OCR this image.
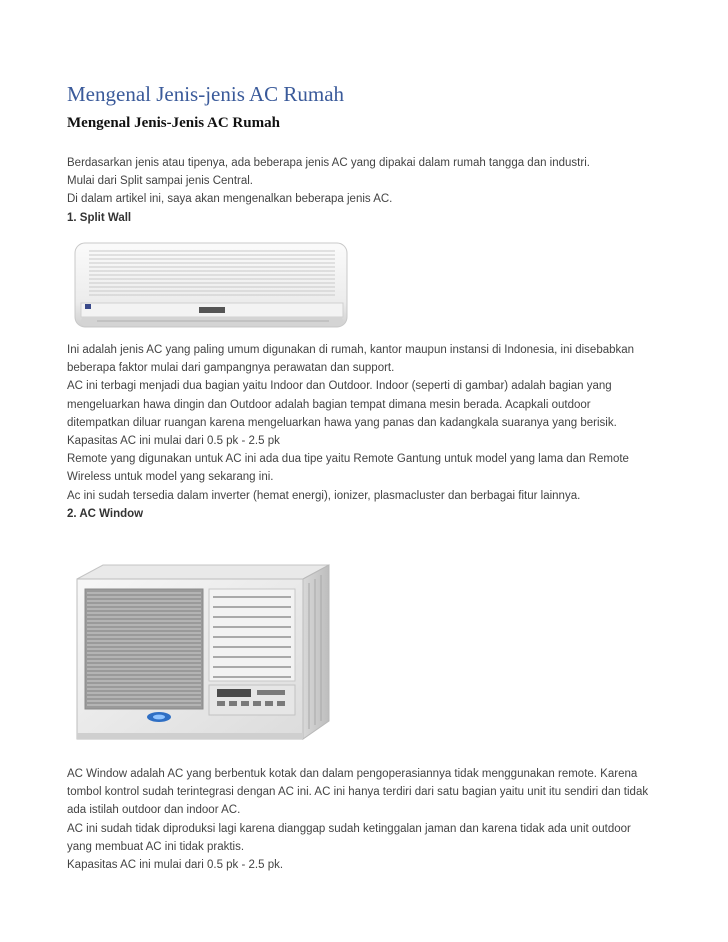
Mengenal Jenis-jenis AC Rumah
Mengenal Jenis-Jenis AC Rumah

Berdasarkan jenis atau tipenya, ada beberapa jenis AC yang dipakai dalam rumah tangga dan industri.

Mulai dari Split sampai jenis Central.

Di dalam artikel ini, saya akan mengenalkan beberapa jenis AC.

1. Split Wall

Ini adalah jenis AC yang paling umum digunakan di rumah, kantor maupun instansi di Indonesia, ini disebabkan

beberapa faktor mulai dari gampangnya perawatan dan support.

AC ini terbagi menjadi dua bagian yaitu Indoor dan Outdoor. Indoor (seperti di gambar) adalah bagian yang

mengeluarkan hawa dingin dan Outdoor adalah bagian tempat dimana mesin berada. Acapkali outdoor

ditempatkan diluar ruangan karena mengeluarkan hawa yang panas dan kadangkala suaranya yang berisik.

Kapasitas AC ini mulai dari 0.5 pk - 2.5 pk

Remote yang digunakan untuk AC ini ada dua tipe yaitu Remote Gantung untuk model yang lama dan Remote

Wireless untuk model yang sekarang ini.

Ac ini sudah tersedia dalam inverter (hemat energi), ionizer, plasmacluster dan berbagai fitur lainnya.

2. AC Window

AC Window adalah AC yang berbentuk kotak dan dalam pengoperasiannya tidak menggunakan remote. Karena

tombol kontrol sudah terintegrasi dengan AC ini. AC ini hanya terdiri dari satu bagian yaitu unit itu sendiri dan tidak

ada istilah outdoor dan indoor AC.

AC ini sudah tidak diproduksi lagi karena dianggap sudah ketinggalan jaman dan karena tidak ada unit outdoor

yang membuat AC ini tidak praktis.

Kapasitas AC ini mulai dari 0.5 pk - 2.5 pk.
